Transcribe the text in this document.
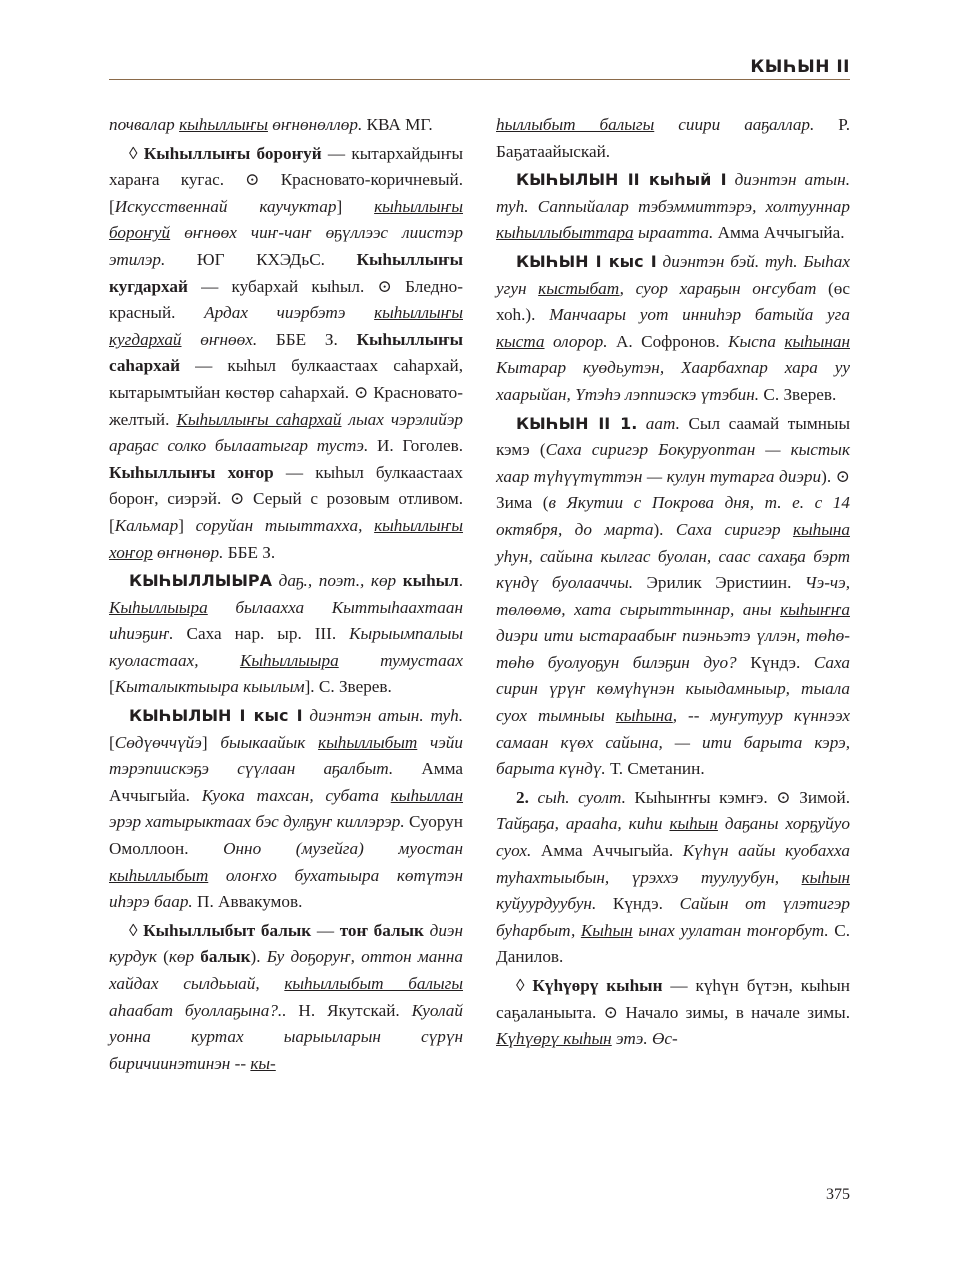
КЫҺЫН II

почвалар кыһыллыҥы өҥнөнөллөр. КВА МГ.

◊ Кыһыллыҥы бороҥуй — кытархайдыҥы хараҥа кугас. ⊙ Красновато-коричневый. [Искусственнай каучуктар] кыһыллыҥы бороҥуй өҥнөөх чиҥ-чаҥ өҕүллээс лиистэр этилэр. ЮГ КХЭДьС. Кыһыллыҥы кугдархай — кубархай кыһыл. ⊙ Бледно-красный. Ардах чиэрбэтэ кыһыллыҥы кугдархай өҥнөөх. ББЕ З. Кыһыллыҥы саһархай — кыһыл булкаастаах саһархай, кытарымтыйан көстөр саһархай. ⊙ Красновато-желтый. Кыһыллыҥы саһархай лыах чэрэлийэр араҕас солко былаатыгар тустэ. И. Гоголев. Кыһыллыҥы хоҥор — кыһыл булкаастаах бороҥ, сиэрэй. ⊙ Серый с розовым отливом. [Кальмар] соруйан тыыттаххa, кыһыллыҥы хоҥор өҥнөнөр. ББЕ З.

КЫҺЫЛЛЫЫРА даҕ., поэт., көр кыһыл. Кыһыллыыра былаахха Кыттыһаахтаан иһиэҕиҥ. Саха нар. ыр. III. Кырыымпалыы куоластаах, Кыһыллыыра тумустаах [Кыталыктыыра кыылым]. С. Зверев.

КЫҺЫЛЫН I кыс I диэнтэн атын. туһ. [Сөдүөччүйэ] быыкаайык кыһыллыбыт чэйи тэрэпиискэҕэ сүүлаан аҕалбыт. Амма Аччыгыйа. Куока тахсан, субата кыһыллан эрэр хатырыктаах бэс дулҕуҥ киллэрэр. Суорун Омоллоон. Онно (музейга) муостан кыһыллыбыт олоҥхо бухатыыра көтүтэн иһэрэ баар. П. Аввакумов.

◊ Кыһыллыбыт балык — тоҥ балык диэн курдук (көр балык). Бу доҕоруҥ, оттон манна хайдах сылдьыай, кыһыллыбыт балыгы аһаабат буоллаҕына?.. Н. Якутскай. Куолай уонна куртах ыарыыларын сүрүн биричиинэтинэн -- кы-

һыллыбыт балыгы сиири ааҕаллар. Р. Баҕатаайыскай.

КЫҺЫЛЫН II кыһый I диэнтэн атын. туһ. Саппыйалар тэбэммиттэрэ, холтууннар кыһыллыбыттара ыраатта. Амма Аччыгыйа.

КЫҺЫН I кыс I диэнтэн бэй. туһ. Быһах угун кыстыбат, суор хараҕын оҥсубат (өс хоһ.). Манчаары уот инниһэр батыйа уга кыста олорор. А. Софронов. Кыспа кыһынан Кытарар куөдьутэн, Хаарбахпар хара уу хаарыйан, Үтэһэ лэппиэскэ үтэбин. С. Зверев.

КЫҺЫН II 1. аат. Сыл саамай тымныы кэмэ (Саха сиригэр Бокуруоптан — кыстык хаар түһүүтүттэн — кулун тутарга диэри). ⊙ Зима (в Якутии с Покрова дня, т. е. с 14 октября, до марта). Саха сиригэр кыһына уһун, сайына кылгас буолан, саас сахаҕа бэрт күндү буолааччы. Эрилик Эристиин. Чэ-чэ, төлөөмө, хата сырыттыннар, аны кыһыҥҥа диэри ити ыстараабыҥ пиэньэтэ үллэн, төһө-төһө буолуоҕун билэҕин дуо? Күндэ. Саха сирин үрүҥ көмүһүнэн кыыдамныыр, тыала суох тымныы кыһына, -- муҥутуур күннээх самаан күөх сайына, — ити барыта кэрэ, барыта күндү. Т. Сметанин.

2. сыһ. суолт. Кыһыҥҥы кэмҥэ. ⊙ Зимой. Тайҕаҕа, арааһа, киһи кыһын даҕаны хорҕуйуо суох. Амма Аччыгыйа. Күһүн аайы куобахха туһахтыыбын, үрэххэ туулуубун, кыһын куйуурдуубун. Күндэ. Сайын от үлэтигэр буһарбыт, Кыһын ынах уулатан тоҥорбут. С. Данилов.

◊ Күһүөрү кыһын — күһүн бүтэн, кыһын саҕаланыыта. ⊙ Начало зимы, в начале зимы. Күһүөрү кыһын этэ. Өс-

375
